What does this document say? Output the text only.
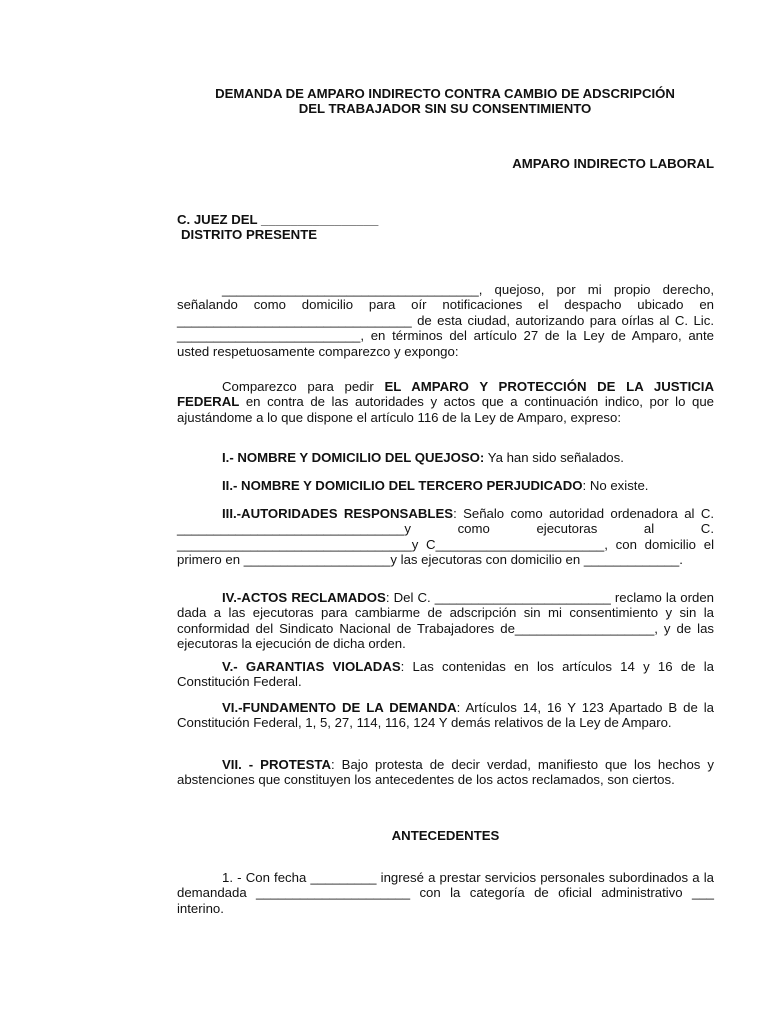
DEMANDA DE AMPARO INDIRECTO CONTRA CAMBIO DE ADSCRIPCIÓN
DEL TRABAJADOR SIN SU CONSENTIMIENTO
AMPARO INDIRECTO LABORAL
C. JUEZ DEL ________________
DISTRITO PRESENTE

___________________________________, quejoso, por mi propio derecho, señalando como domicilio para oír notificaciones el despacho ubicado en ________________________________ de esta ciudad, autorizando para oírlas al C. Lic. _________________________, en términos del artículo 27 de la Ley de Amparo, ante usted respetuosamente comparezco y expongo:

Comparezco para pedir EL AMPARO Y PROTECCIÓN DE LA JUSTICIA FEDERAL en contra de las autoridades y actos que a continuación indico, por lo que ajustándome a lo que dispone el artículo 116 de la Ley de Amparo, expreso:

I.- NOMBRE Y DOMICILIO DEL QUEJOSO: Ya han sido señalados.

II.- NOMBRE Y DOMICILIO DEL TERCERO PERJUDICADO: No existe.

III.-AUTORIDADES RESPONSABLES: Señalo como autoridad ordenadora al C. _______________________________y como ejecutoras al C. ________________________________y C_______________________, con domicilio el primero en ____________________y las ejecutoras con domicilio en _____________.

IV.-ACTOS RECLAMADOS: Del C. ________________________ reclamo la orden dada a las ejecutoras para cambiarme de adscripción sin mi consentimiento y sin la conformidad del Sindicato Nacional de Trabajadores de___________________, y de las ejecutoras la ejecución de dicha orden.

V.- GARANTIAS VIOLADAS: Las contenidas en los artículos 14 y 16 de la Constitución Federal.

VI.-FUNDAMENTO DE LA DEMANDA: Artículos 14, 16 Y 123 Apartado B de la Constitución Federal, 1, 5, 27, 114, 116, 124 Y demás relativos de la Ley de Amparo.

VII. - PROTESTA: Bajo protesta de decir verdad, manifiesto que los hechos y abstenciones que constituyen los antecedentes de los actos reclamados, son ciertos.

ANTECEDENTES

1. - Con fecha _________ ingresé a prestar servicios personales subordinados a la demandada _____________________ con la categoría de oficial administrativo ___ interino.
